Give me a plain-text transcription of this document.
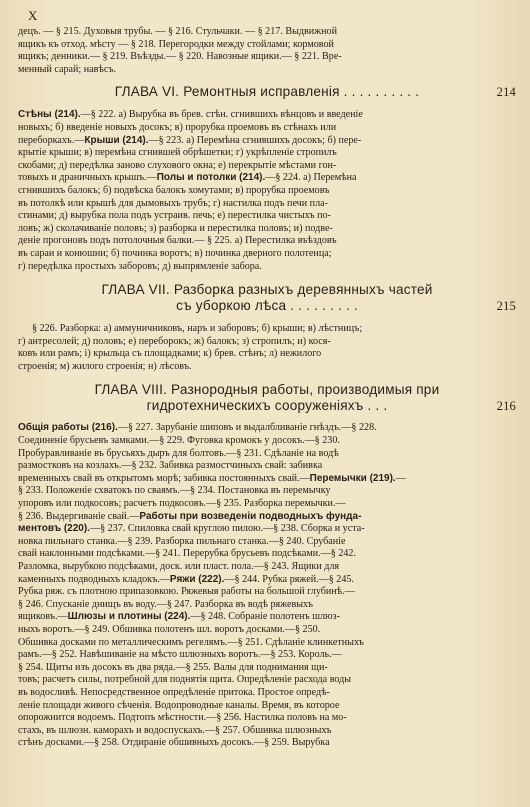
X

децъ. — § 215. Духовыя трубы. — § 216. Стульчаки. — § 217. Выдвижной

ящикъ къ отход. мѣсту — § 218. Перегородки между стойлами; кормовой

ящикъ; денники.— § 219. Въѣзды.— § 220. Навозные ящики.— § 221. Вре-

менный сарай; навѣсъ.

ГЛАВА VI. Ремонтныя исправленія . . . . . . . . . .	214

Стѣны (214).—§ 222. а) Вырубка въ брев. стѣн. сгнившихъ вѣнцовъ и введеніе

новыхъ; б) введеніе новыхъ досокъ; в) прорубка проемовъ въ стѣнахъ или

переборкахъ.—Крыши (214).—§ 223. а) Перемѣна сгнившихъ досокъ; б) пере-

крытіе крыши; в) перемѣна сгнившей обрѣшетки; г) укрѣпленіе стропилъ

скобами; д) передѣлка заново слухового окна; е) перекрытіе мѣстами гон-

товыхъ и драничныхъ крышъ.—Полы и потолки (214).—§ 224. а) Перемѣна

сгнившихъ балокъ; б) подвѣска балокъ хомутами; в) прорубка проемовъ

въ потолкѣ или крышѣ для дымовыхъ трубъ; г) настилка подъ печи пла-

стинами; д) вырубка пола подъ устраив. печь; е) перестилка чистыхъ по-

ловъ; ж) сколачиваніе половъ; з) разборка и перестилка половъ; и) подве-

деніе прогоновъ подъ потолочныя балки.— § 225. а) Перестилка въѣздовъ

въ сараи и конюшни; б) починка воротъ; в) починка дверного полотенца;

г) передѣлка простыхъ заборовъ; д) выпрямленіе забора.

ГЛАВА VII. Разборка разныхъ деревянныхъ частей
съ уборкою лѣса . . . . . . . . .	215

§ 226. Разборка: а) аммуничниковъ, наръ и заборовъ; б) крыши; в) лѣстницъ;

г) антресолей; д) половъ; е) переборокъ; ж) балокъ; з) стропилъ; и) кося-

ковъ или рамъ; і) крыльца съ площадками; к) брев. стѣнъ; л) нежилого

строенія; м) жилого строенія; н) лѣсовъ.

ГЛАВА VIII. Разнородныя работы, производимыя при
гидротехническихъ сооруженіяхъ . . .	216

Общія работы (216).—§ 227. Зарубаніе шиповъ и выдалбливаніе гнѣздъ.—§ 228.

Соединеніе брусьевъ замками.—§ 229. Фуговка кромокъ у досокъ.—§ 230.

Пробуравливаніе въ брусьяхъ дыръ для болтовъ.—§ 231. Сдѣланіе на водѣ

размостковъ на козлахъ.—§ 232. Забивка размостчиныхъ свай: забивка

временныхъ свай въ открытомъ морѣ; забивка постоянныхъ свай.—Перемычки (219).—

§ 233. Положеніе схватокъ по сваямъ.—§ 234. Постановка въ перемычку

упоровъ или подкосовъ; расчетъ подкосовъ.—§ 235. Разборка перемычки.—

§ 236. Выдергиваніе свай.—Работы при возведеніи подводныхъ фунда-

ментовъ (220).—§ 237. Спиловка свай круглою пилою.—§ 238. Сборка и уста-

новка пильнаго станка.—§ 239. Разборка пильнаго станка.—§ 240. Срубаніе

свай наклонными подсѣками.—§ 241. Перерубка брусьевъ подсѣками.—§ 242.

Разломка, вырубкою подсѣками, доск. или пласт. пола.—§ 243. Ящики для

каменныхъ подводныхъ кладокъ.—Ряжи (222).—§ 244. Рубка ряжей.—§ 245.

Рубка ряж. съ плотною припазовкою. Ряжевыя работы на большой глубинѣ.—

§ 246. Спусканіе днищъ въ воду.—§ 247. Разборка въ водѣ ряжевыхъ

ящиковъ.—Шлюзы и плотины (224).—§ 248. Собраніе полотенъ шлюз-

ныхъ воротъ.—§ 249. Обшивка полотенъ шл. воротъ досками.—§ 250.

Обшивка досками по металлическимъ регелямъ.—§ 251. Сдѣланіе клинкетныхъ

рамъ.—§ 252. Навѣшиваніе на мѣсто шлюзныхъ воротъ.—§ 253. Король.—

§ 254. Щиты изъ досокъ въ два ряда.—§ 255. Валы для поднимания щи-

товъ; расчетъ силы, потребной для поднятія щита. Опредѣленіе расхода воды

въ водосливѣ. Непосредственное опредѣленіе притока. Простое опредѣ-

леніе площади живого сѣченія. Водопроводные каналы. Время, въ которое

опорожнится водоемъ. Подтопъ мѣстности.—§ 256. Настилка половъ на мо-

стахъ, въ шлюзн. каморахъ и водоспускахъ.—§ 257. Обшивка шлюзныхъ

стѣнъ досками.—§ 258. Отдираніе обшивныхъ досокъ.—§ 259. Вырубка
